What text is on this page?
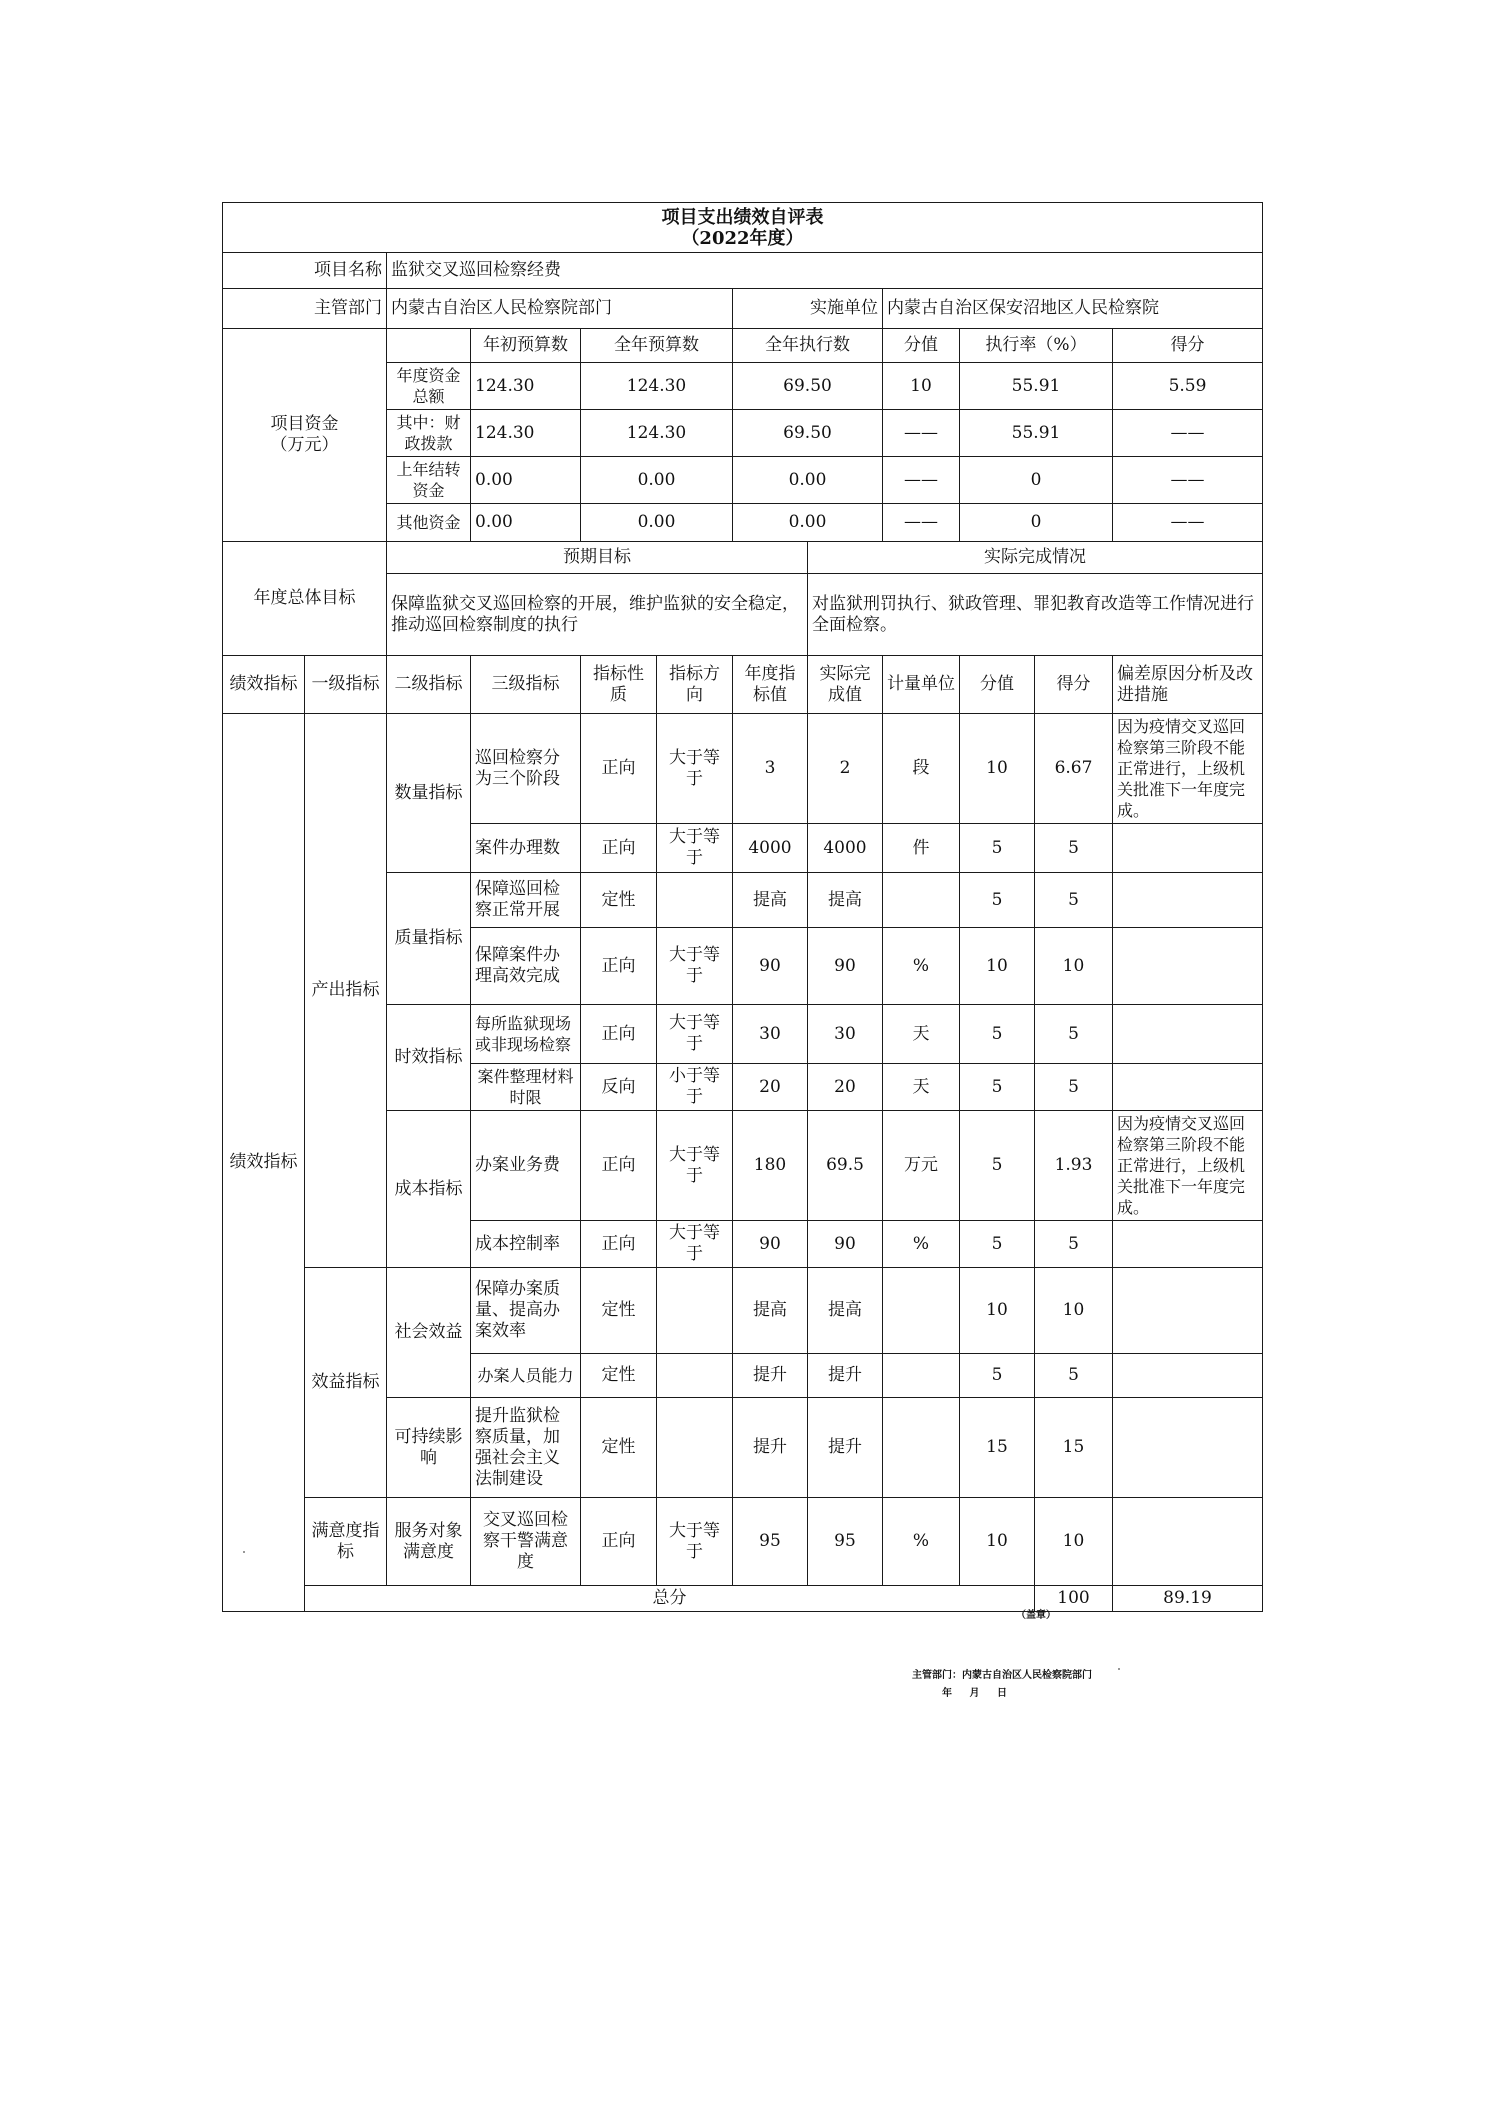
项目支出绩效自评表
（2022年度）												

项目名称		监狱交叉巡回检察经费										
主管部门		内蒙古自治区人民检察院部门				实施单位		内蒙古自治区保安沼地区人民检察院				
项目资金
（万元）			年初预算数	全年预算数		全年执行数		分值	执行率（%）		得分	
		年度资金总额	124.30	124.30		69.50		10	55.91		5.59	
		其中：财政拨款	124.30	124.30		69.50		——	55.91		——	
		上年结转资金	0.00	0.00		0.00		——	0		——	
		其他资金	0.00	0.00		0.00		——	0		——	
年度总体目标		预期目标					实际完成情况					
		保障监狱交叉巡回检察的开展，维护监狱的安全稳定，推动巡回检察制度的执行					对监狱刑罚执行、狱政管理、罪犯教育改造等工作情况进行全面检察。					
绩效指标	一级指标	二级指标	三级指标	指标性质	指标方向	年度指标值	实际完成值	计量单位	分值	得分	偏差原因分析及改进措施	
绩效指标	产出指标	数量指标	巡回检察分为三个阶段	正向	大于等于	3	2	段	10	6.67	因为疫情交叉巡回检察第三阶段不能正常进行，上级机关批准下一年度完成。	
			案件办理数	正向	大于等于	4000	4000	件	5	5		
		质量指标	保障巡回检察正常开展	定性		提高	提高		5	5		
			保障案件办理高效完成	正向	大于等于	90	90	%	10	10		
		时效指标	每所监狱现场或非现场检察	正向	大于等于	30	30	天	5	5		
			案件整理材料时限	反向	小于等于	20	20	天	5	5		
		成本指标	办案业务费	正向	大于等于	180	69.5	万元	5	1.93	因为疫情交叉巡回检察第三阶段不能正常进行，上级机关批准下一年度完成。	
			成本控制率	正向	大于等于	90	90	%	5	5		
	效益指标	社会效益	保障办案质量、提高办案效率	定性		提高	提高		10	10		
			办案人员能力	定性		提升	提升		5	5		
		可持续影响	提升监狱检察质量，加强社会主义法制建设	定性		提升	提升		15	15		
	满意度指标	服务对象满意度	交叉巡回检察干警满意度	正向	大于等于	95	95	%	10	10		
	总分									100	89.19	
（盖章）
主管部门：内蒙古自治区人民检察院部门
年 月 日
